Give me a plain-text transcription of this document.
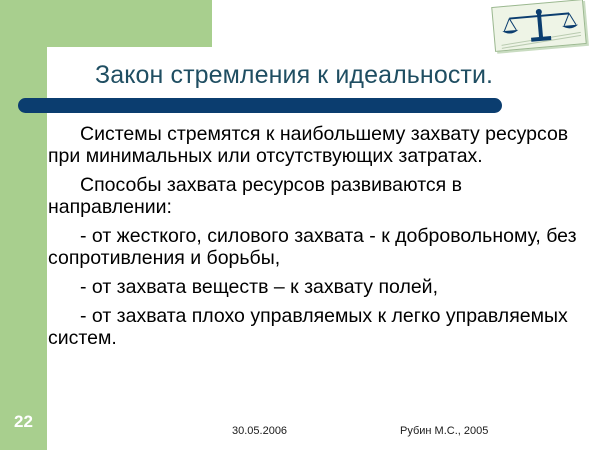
Закон стремления к идеальности.

Системы стремятся к наибольшему захвату ресурсов при минимальных или отсутствующих затратах.

Способы захвата ресурсов развиваются в направлении:

- от жесткого, силового захвата - к добровольному, без сопротивления и борьбы,

- от захвата веществ – к захвату полей,

- от захвата плохо управляемых к легко управляемых систем.

22	30.05.2006	Рубин М.С., 2005
